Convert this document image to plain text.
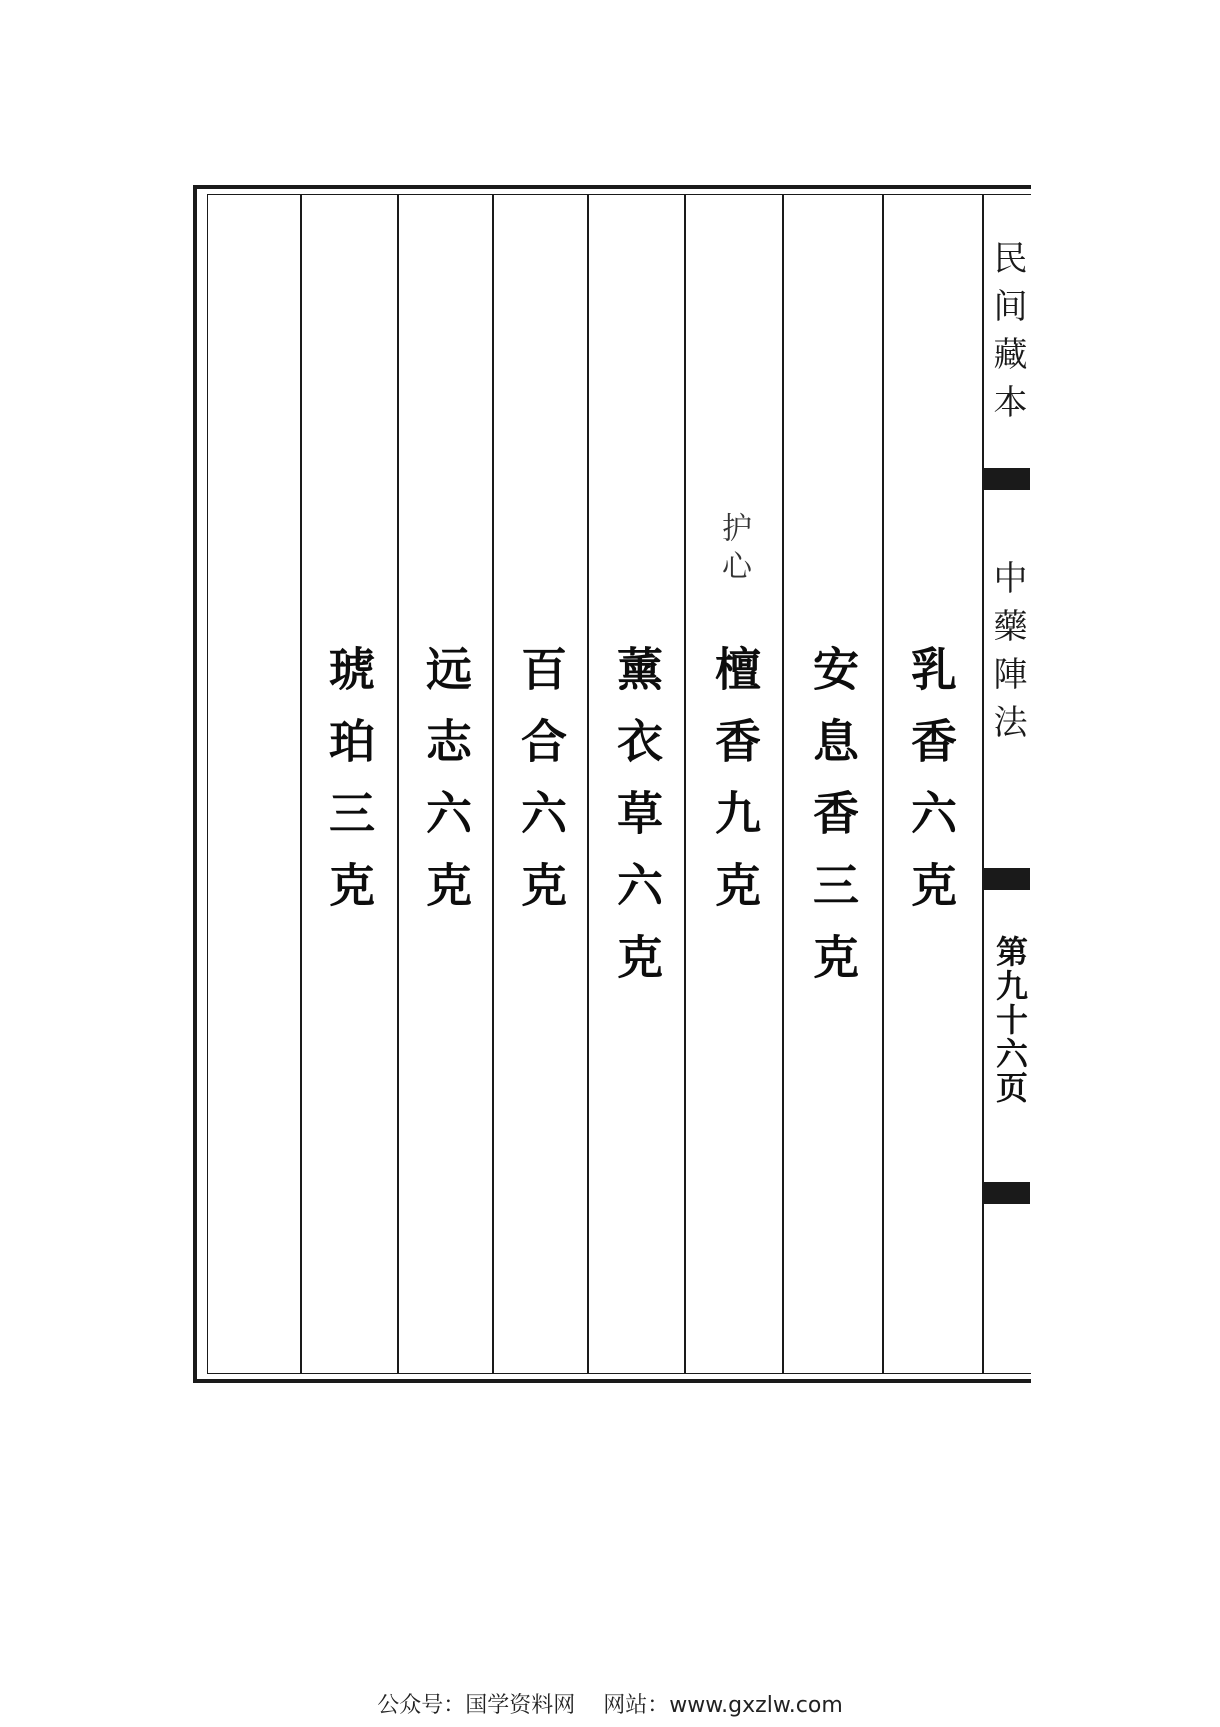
民间藏本
中藥陣法
第九十六页
乳香六克
安息香三克
护心
檀香九克
薰衣草六克
百合六克
远志六克
琥珀三克
公众号：国学资料网 网站：www.gxzlw.com
